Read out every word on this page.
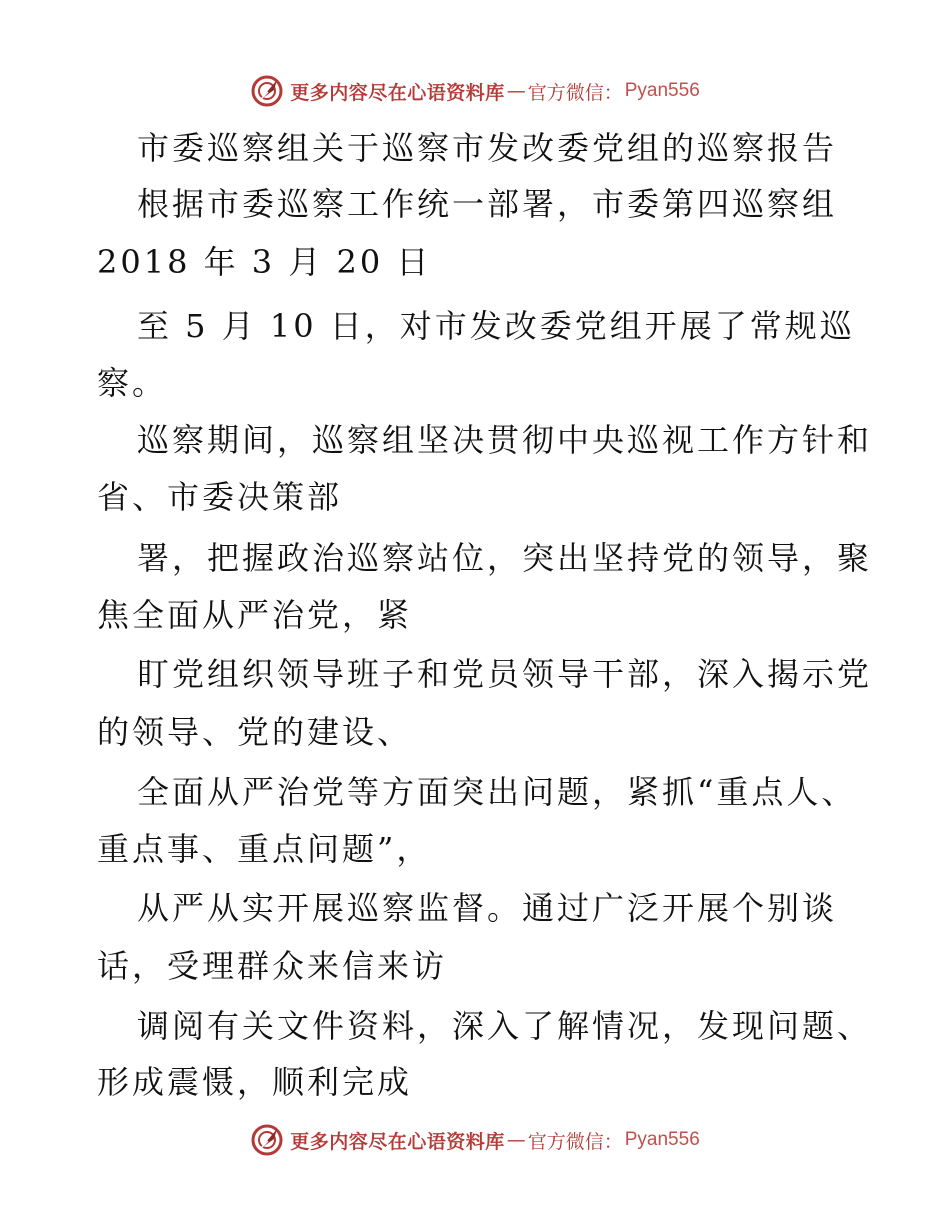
更多内容尽在心语资料库 — 官方微信： Pyan556
市委巡察组关于巡察市发改委党组的巡察报告
根据市委巡察工作统一部署，市委第四巡察组
2018 年 3 月 20 日
至 5 月 10 日，对市发改委党组开展了常规巡
察。
巡察期间，巡察组坚决贯彻中央巡视工作方针和
省、市委决策部
署，把握政治巡察站位，突出坚持党的领导，聚
焦全面从严治党，紧
盯党组织领导班子和党员领导干部，深入揭示党
的领导、党的建设、
全面从严治党等方面突出问题，紧抓“重点人、
重点事、重点问题”，
从严从实开展巡察监督。通过广泛开展个别谈
话，受理群众来信来访
调阅有关文件资料，深入了解情况，发现问题、
形成震慑，顺利完成
更多内容尽在心语资料库 — 官方微信： Pyan556
